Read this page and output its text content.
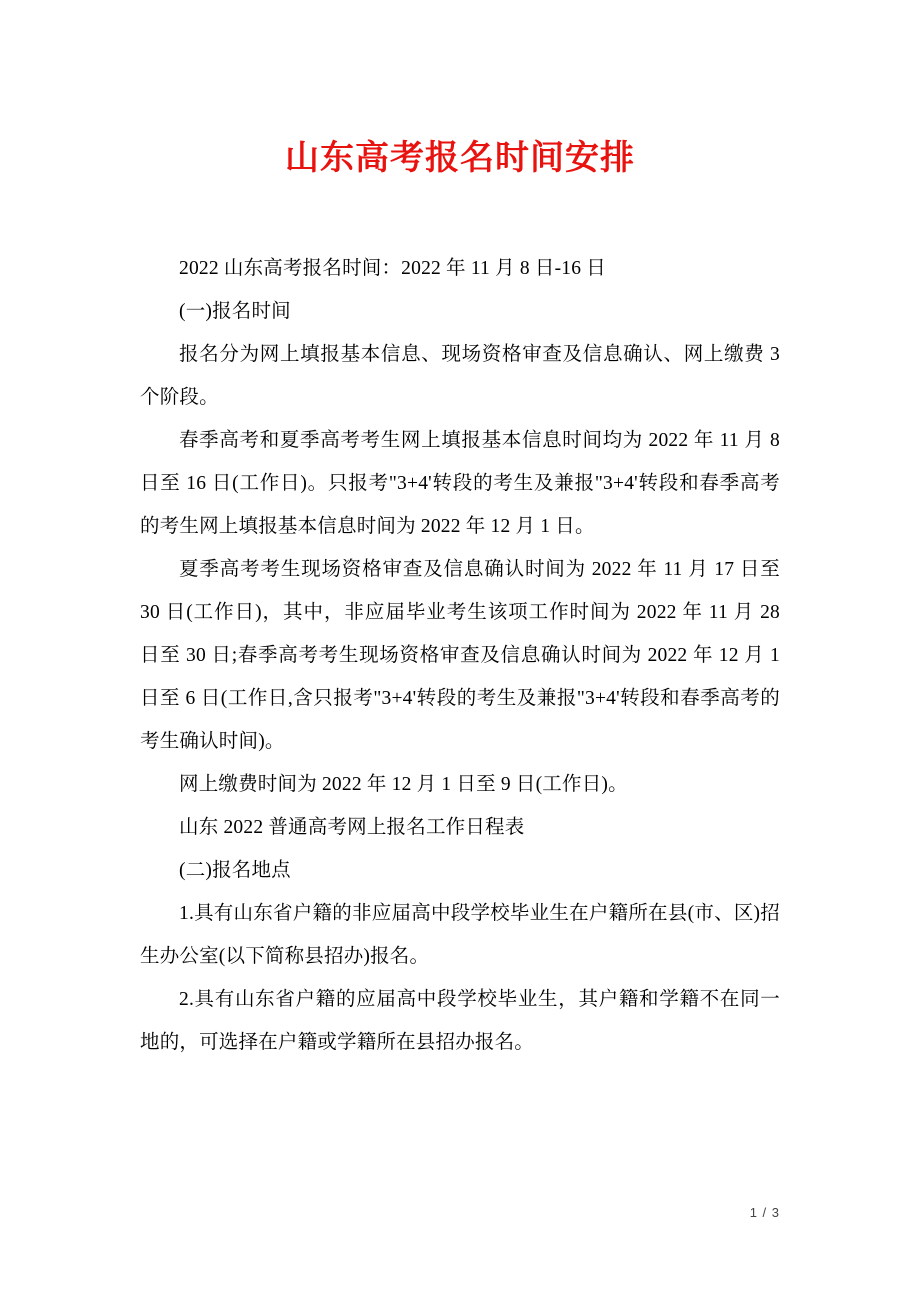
山东高考报名时间安排

2022 山东高考报名时间：2022 年 11 月 8 日-16 日

(一)报名时间

报名分为网上填报基本信息、现场资格审查及信息确认、网上缴费 3 个阶段。

春季高考和夏季高考考生网上填报基本信息时间均为 2022 年 11 月 8 日至 16 日(工作日)。只报考"3+4'转段的考生及兼报"3+4'转段和春季高考的考生网上填报基本信息时间为 2022 年 12 月 1 日。

夏季高考考生现场资格审查及信息确认时间为 2022 年 11 月 17 日至 30 日(工作日)，其中，非应届毕业考生该项工作时间为 2022 年 11 月 28 日至 30 日;春季高考考生现场资格审查及信息确认时间为 2022 年 12 月 1 日至 6 日(工作日,含只报考"3+4'转段的考生及兼报"3+4'转段和春季高考的考生确认时间)。

网上缴费时间为 2022 年 12 月 1 日至 9 日(工作日)。

山东 2022 普通高考网上报名工作日程表

(二)报名地点

1.具有山东省户籍的非应届高中段学校毕业生在户籍所在县(市、区)招生办公室(以下简称县招办)报名。

2.具有山东省户籍的应届高中段学校毕业生，其户籍和学籍不在同一地的，可选择在户籍或学籍所在县招办报名。

1 / 3
